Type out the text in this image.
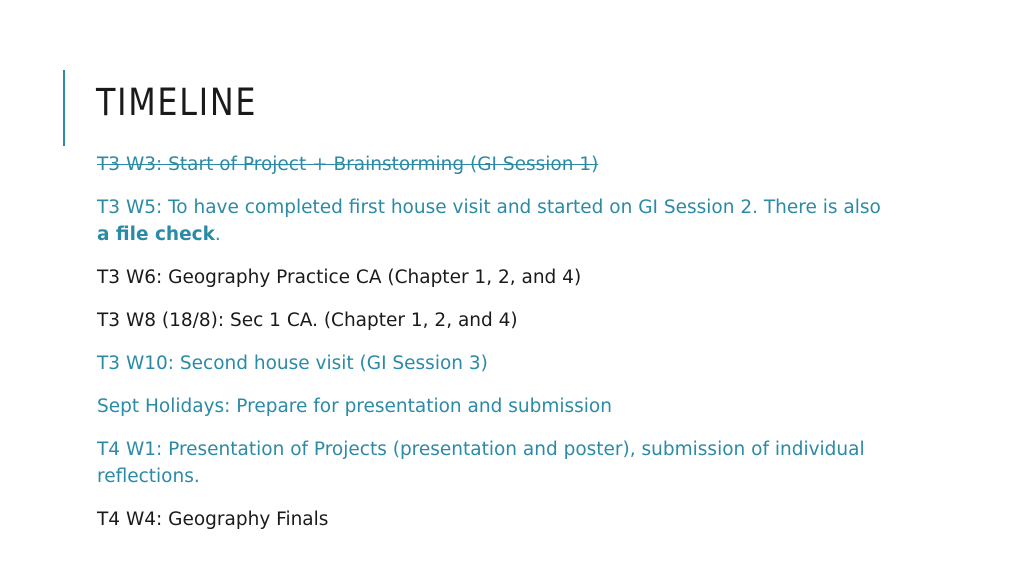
TIMELINE
T3 W3: Start of Project + Brainstorming (GI Session 1)
T3 W5: To have completed first house visit and started on GI Session 2. There is also a file check.
T3 W6: Geography Practice CA (Chapter 1, 2, and 4)
T3 W8 (18/8): Sec 1 CA. (Chapter 1, 2, and 4)
T3 W10: Second house visit (GI Session 3)
Sept Holidays: Prepare for presentation and submission
T4 W1: Presentation of Projects (presentation and poster), submission of individual reflections.
T4 W4: Geography Finals
